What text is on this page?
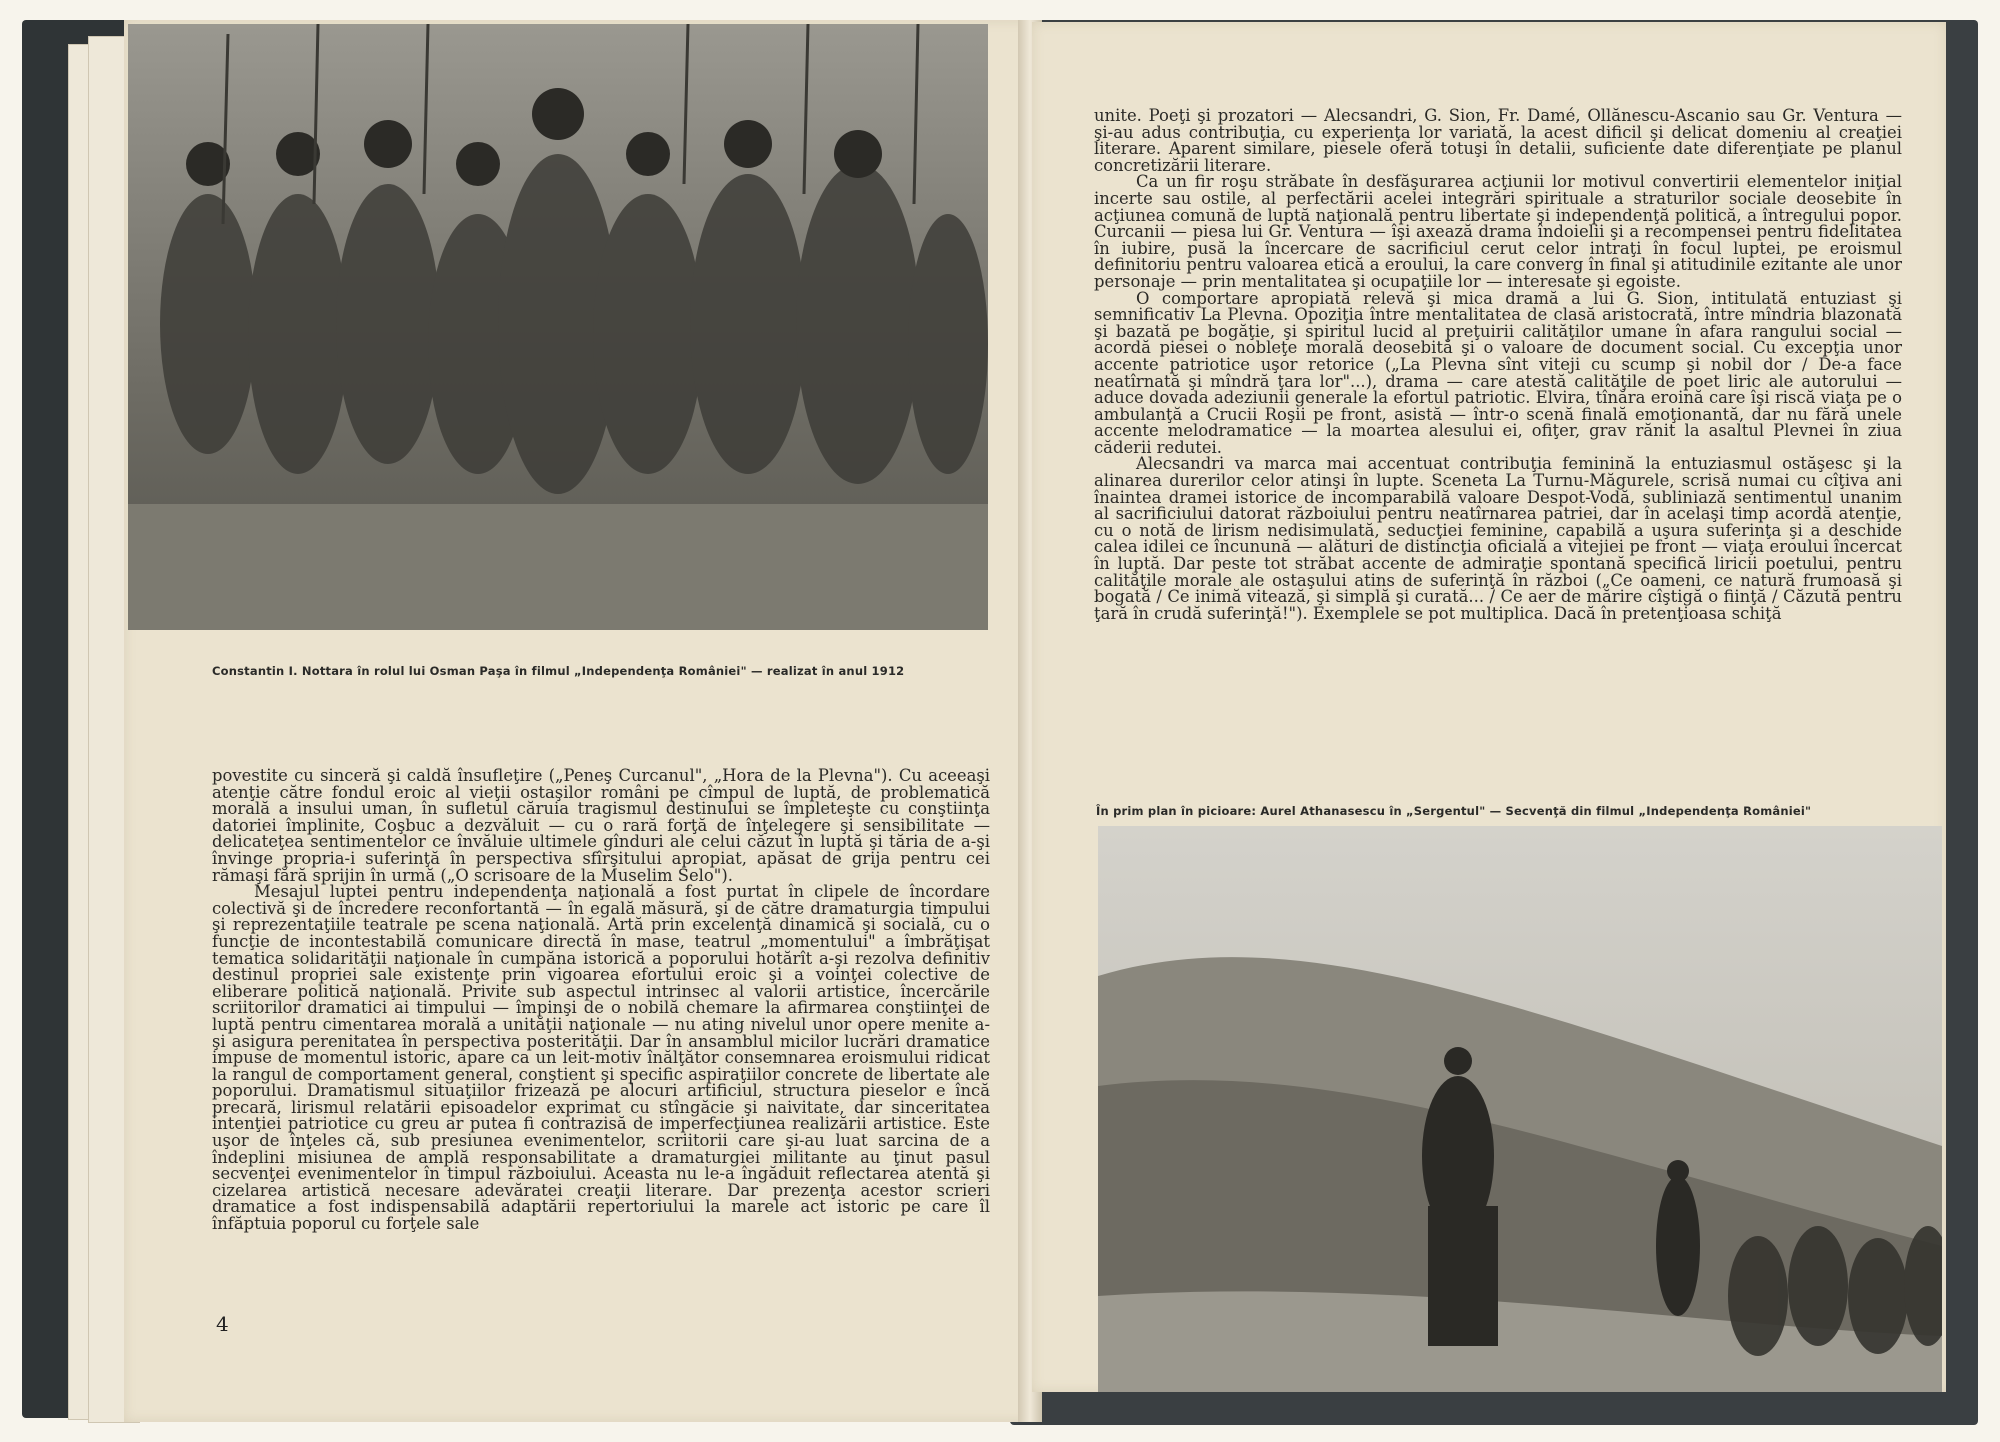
Constantin I. Nottara în rolul lui Osman Paşa în filmul „Independenţa României" — realizat în anul 1912

povestite cu sinceră şi caldă însufleţire („Peneş Curcanul", „Hora de la Plevna"). Cu aceeaşi atenţie către fondul eroic al vieţii ostaşilor români pe cîmpul de luptă, de problematică morală a insului uman, în sufletul căruia tragismul destinului se împleteşte cu conştiinţa datoriei împlinite, Coşbuc a dezvăluit — cu o rară forţă de înţelegere şi sensibilitate — delicateţea sentimentelor ce învăluie ultimele gînduri ale celui căzut în luptă şi tăria de a-şi învinge propria-i suferinţă în perspectiva sfîrşitului apropiat, apăsat de grija pentru cei rămaşi fără sprijin în urmă („O scrisoare de la Muselim Selo").

Mesajul luptei pentru independenţa naţională a fost purtat în clipele de încordare colectivă şi de încredere reconfortantă — în egală măsură, şi de către dramaturgia timpului şi reprezentaţiile teatrale pe scena naţională. Artă prin excelenţă dinamică şi socială, cu o funcţie de incontestabilă comunicare directă în mase, teatrul „momentului" a îmbrăţişat tematica solidarităţii naţionale în cumpăna istorică a poporului hotărît a-şi rezolva definitiv destinul propriei sale existenţe prin vigoarea efortului eroic şi a voinţei colective de eliberare politică naţională. Privite sub aspectul intrinsec al valorii artistice, încercările scriitorilor dramatici ai timpului — împinşi de o nobilă chemare la afirmarea conştiinţei de luptă pentru cimentarea morală a unităţii naţionale — nu ating nivelul unor opere menite a-şi asigura perenitatea în perspectiva posterităţii. Dar în ansamblul micilor lucrări dramatice impuse de momentul istoric, apare ca un leit-motiv înălţător consemnarea eroismului ridicat la rangul de comportament general, conştient şi specific aspiraţiilor concrete de libertate ale poporului. Dramatismul situaţiilor frizează pe alocuri artificiul, structura pieselor e încă precară, lirismul relatării episoadelor exprimat cu stîngăcie şi naivitate, dar sinceritatea intenţiei patriotice cu greu ar putea fi contrazisă de imperfecţiunea realizării artistice. Este uşor de înţeles că, sub presiunea evenimentelor, scriitorii care şi-au luat sarcina de a îndeplini misiunea de amplă responsabilitate a dramaturgiei militante au ţinut pasul secvenţei evenimentelor în timpul războiului. Aceasta nu le-a îngăduit reflectarea atentă şi cizelarea artistică necesare adevăratei creaţii literare. Dar prezenţa acestor scrieri dramatice a fost indispensabilă adaptării repertoriului la marele act istoric pe care îl înfăptuia poporul cu forţele sale

4

unite. Poeţi şi prozatori — Alecsandri, G. Sion, Fr. Damé, Ollănescu-Ascanio sau Gr. Ventura — şi-au adus contribuţia, cu experienţa lor variată, la acest dificil şi delicat domeniu al creaţiei literare. Aparent similare, piesele oferă totuşi în detalii, suficiente date diferenţiate pe planul concretizării literare.

Ca un fir roşu străbate în desfăşurarea acţiunii lor motivul convertirii elementelor iniţial incerte sau ostile, al perfectării acelei integrări spirituale a straturilor sociale deosebite în acţiunea comună de luptă naţională pentru libertate şi independenţă politică, a întregului popor. Curcanii — piesa lui Gr. Ventura — îşi axează drama îndoielii şi a recompensei pentru fidelitatea în iubire, pusă la încercare de sacrificiul cerut celor intraţi în focul luptei, pe eroismul definitoriu pentru valoarea etică a eroului, la care converg în final şi atitudinile ezitante ale unor personaje — prin mentalitatea şi ocupaţiile lor — interesate şi egoiste.

O comportare apropiată relevă şi mica dramă a lui G. Sion, intitulată entuziast şi semnificativ La Plevna. Opoziţia între mentalitatea de clasă aristocrată, între mîndria blazonată şi bazată pe bogăţie, şi spiritul lucid al preţuirii calităţilor umane în afara rangului social — acordă piesei o nobleţe morală deosebită şi o valoare de document social. Cu excepţia unor accente patriotice uşor retorice („La Plevna sînt viteji cu scump şi nobil dor / De-a face neatîrnată şi mîndră ţara lor"...), drama — care atestă calităţile de poet liric ale autorului — aduce dovada adeziunii generale la efortul patriotic. Elvira, tînăra eroină care îşi riscă viaţa pe o ambulanţă a Crucii Roşii pe front, asistă — într-o scenă finală emoţionantă, dar nu fără unele accente melodramatice — la moartea alesului ei, ofiţer, grav rănit la asaltul Plevnei în ziua căderii redutei.

Alecsandri va marca mai accentuat contribuţia feminină la entuziasmul ostăşesc şi la alinarea durerilor celor atinşi în lupte. Sceneta La Turnu-Măgurele, scrisă numai cu cîţiva ani înaintea dramei istorice de incomparabilă valoare Despot-Vodă, subliniază sentimentul unanim al sacrificiului datorat războiului pentru neatîrnarea patriei, dar în acelaşi timp acordă atenţie, cu o notă de lirism nedisimulată, seducţiei feminine, capabilă a uşura suferinţa şi a deschide calea idilei ce încunună — alături de distincţia oficială a vitejiei pe front — viaţa eroului încercat în luptă. Dar peste tot străbat accente de admiraţie spontană specifică liricii poetului, pentru calităţile morale ale ostaşului atins de suferinţă în război („Ce oameni, ce natură frumoasă şi bogată / Ce inimă vitează, şi simplă şi curată... / Ce aer de mărire cîştigă o fiinţă / Căzută pentru ţară în crudă suferinţă!"). Exemplele se pot multiplica. Dacă în pretenţioasa schiţă

În prim plan în picioare: Aurel Athanasescu în „Sergentul" — Secvenţă din filmul „Independenţa României"
